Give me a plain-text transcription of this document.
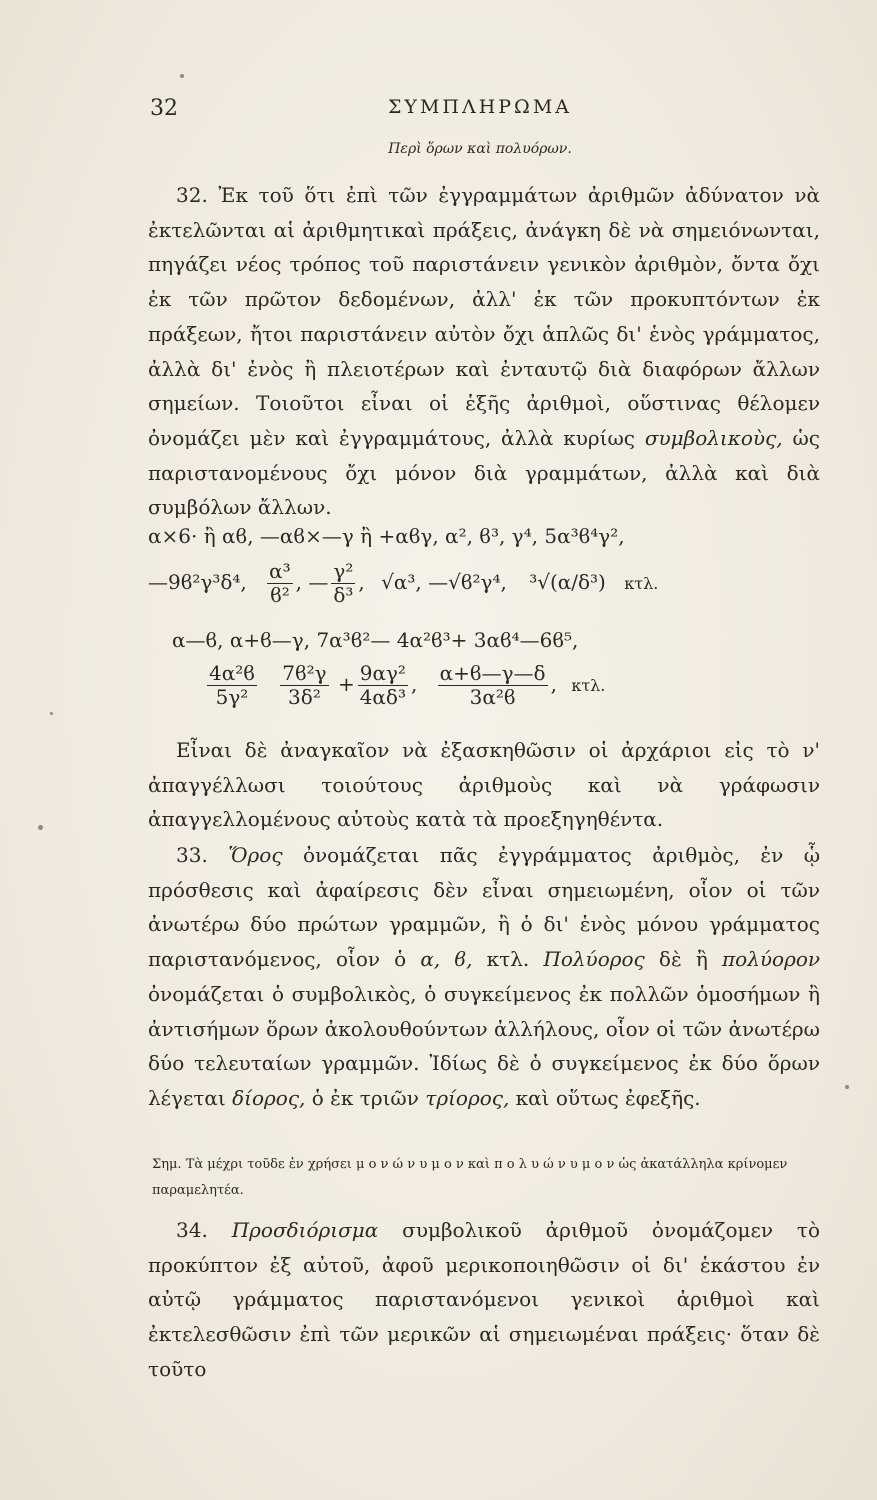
32	ΣΥΜΠΛΗΡΩΜΑ
Περὶ ὅρων καὶ πολυόρων.
32. Ἐκ τοῦ ὅτι ἐπὶ τῶν ἐγγραμμάτων ἀριθμῶν ἀδύνατον νὰ ἐκτελῶνται αἱ ἀριθμητικαὶ πράξεις, ἀνάγκη δὲ νὰ σημειόνωνται, πηγάζει νέος τρόπος τοῦ παριστάνειν γενικὸν ἀριθμὸν, ὄντα ὄχι ἐκ τῶν πρῶτον δεδομένων, ἀλλ' ἐκ τῶν προκυπτόντων ἐκ πράξεων, ἤτοι παριστάνειν αὐτὸν ὄχι ἁπλῶς δι' ἑνὸς γράμματος, ἀλλὰ δι' ἑνὸς ἢ πλειοτέρων καὶ ἐνταυτῷ διὰ διαφόρων ἄλλων σημείων. Τοιοῦτοι εἶναι οἱ ἑξῆς ἀριθμοὶ, οὕστινας θέλομεν ὀνομάζει μὲν καὶ ἐγγραμμάτους, ἀλλὰ κυρίως συμβολικοὺς, ὡς παριστανομένους ὄχι μόνον διὰ γραμμάτων, ἀλλὰ καὶ διὰ συμβόλων ἄλλων.
α×6· ἢ αϐ, —αϐ×—γ ἢ +αϐγ, α², ϐ³, γ⁴, 5α³ϐ⁴γ²,
—9ϐ²γ³δ⁴, $\frac{\text{α³}}{\text{ϐ²}}$ , — $\frac{\text{γ²}}{\text{δ³}}$ , √α³, —√ϐ²γ⁴, ³√(α/δ³) κτλ.
α—ϐ, α+ϐ—γ, 7α³ϐ²— 4α²ϐ³+ 3αϐ⁴—6ϐ⁵,
$\frac{\text{4α²ϐ}}{\text{5γ²}}$
$\frac{\text{7ϐ²γ}}{\text{3δ²}} + \frac{\text{9αγ²}}{\text{4αδ³}}$ , $\frac{\alpha+ϐ—\gamma—\delta}{\text{3α²ϐ}}$ , κτλ.
Εἶναι δὲ ἀναγκαῖον νὰ ἐξασκηθῶσιν οἱ ἀρχάριοι εἰς τὸ ν' ἀπαγγέλλωσι τοιούτους ἀριθμοὺς καὶ νὰ γράφωσιν ἀπαγγελλομένους αὐτοὺς κατὰ τὰ προεξηγηθέντα.
33. Ὅρος ὀνομάζεται πᾶς ἐγγράμματος ἀριθμὸς, ἐν ᾧ πρόσθεσις καὶ ἀφαίρεσις δὲν εἶναι σημειωμένη, οἷον οἱ τῶν ἀνωτέρω δύο πρώτων γραμμῶν, ἢ ὁ δι' ἑνὸς μόνου γράμματος παριστανόμενος, οἷον ὁ α, ϐ, κτλ. Πολύορος δὲ ἢ πολύορον ὀνομάζεται ὁ συμβολικὸς, ὁ συγκείμενος ἐκ πολλῶν ὁμοσήμων ἢ ἀντισήμων ὅρων ἀκολουθούντων ἀλλήλους, οἷον οἱ τῶν ἀνωτέρω δύο τελευταίων γραμμῶν. Ἰδίως δὲ ὁ συγκείμενος ἐκ δύο ὅρων λέγεται δίορος, ὁ ἐκ τριῶν τρίορος, καὶ οὕτως ἐφεξῆς.
Σημ. Τὰ μέχρι τοῦδε ἐν χρήσει μ ο ν ώ ν υ μ ο ν καὶ π ο λ υ ώ ν υ μ ο ν ὡς ἀκατάλληλα κρίνομεν παραμελητέα.
34. Προσδιόρισμα συμβολικοῦ ἀριθμοῦ ὀνομάζομεν τὸ προκύπτον ἐξ αὐτοῦ, ἀφοῦ μερικοποιηθῶσιν οἱ δι' ἑκάστου ἐν αὐτῷ γράμματος παριστανόμενοι γενικοὶ ἀριθμοὶ καὶ ἐκτελεσθῶσιν ἐπὶ τῶν μερικῶν αἱ σημειωμέναι πράξεις· ὅταν δὲ τοῦτο
